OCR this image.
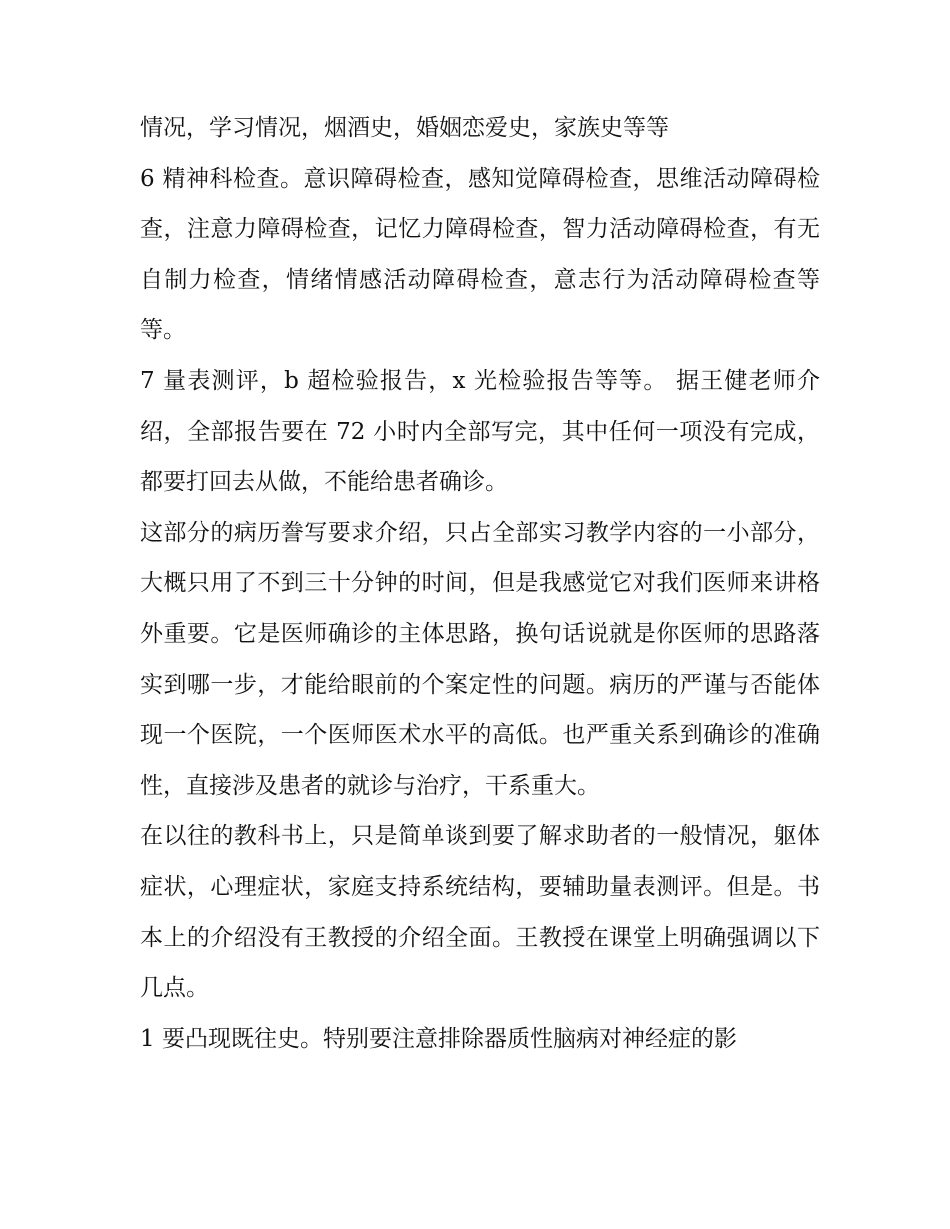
情况，学习情况，烟酒史，婚姻恋爱史，家族史等等

6 精神科检查。意识障碍检查，感知觉障碍检查，思维活动障碍检查，注意力障碍检查，记忆力障碍检查，智力活动障碍检查，有无自制力检查，情绪情感活动障碍检查，意志行为活动障碍检查等等。

7 量表测评，b 超检验报告，x 光检验报告等等。 据王健老师介绍，全部报告要在 72 小时内全部写完，其中任何一项没有完成，都要打回去从做，不能给患者确诊。

这部分的病历誊写要求介绍，只占全部实习教学内容的一小部分，大概只用了不到三十分钟的时间，但是我感觉它对我们医师来讲格外重要。它是医师确诊的主体思路，换句话说就是你医师的思路落实到哪一步，才能给眼前的个案定性的问题。病历的严谨与否能体现一个医院，一个医师医术水平的高低。也严重关系到确诊的准确性，直接涉及患者的就诊与治疗，干系重大。

在以往的教科书上，只是简单谈到要了解求助者的一般情况，躯体症状，心理症状，家庭支持系统结构，要辅助量表测评。但是。书本上的介绍没有王教授的介绍全面。王教授在课堂上明确强调以下几点。

1 要凸现既往史。特别要注意排除器质性脑病对神经症的影
